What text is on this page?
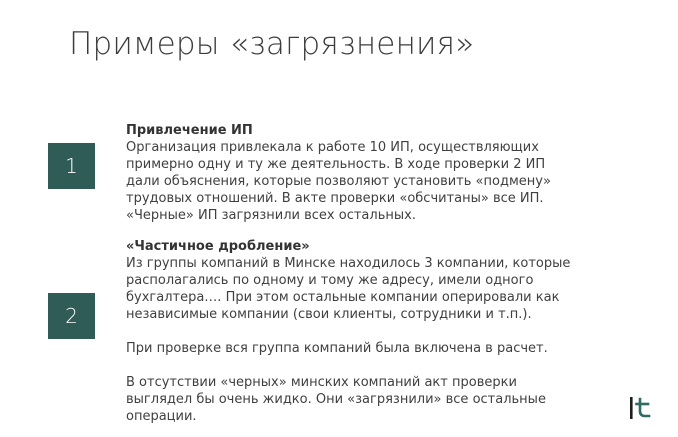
Примеры «загрязнения»
1
Привлечение ИП
Организация привлекала к работе 10 ИП, осуществляющих
примерно одну и ту же деятельность. В ходе проверки 2 ИП
дали объяснения, которые позволяют установить «подмену»
трудовых отношений. В акте проверки «обсчитаны» все ИП.
«Черные» ИП загрязнили всех остальных.
2
«Частичное дробление»
Из группы компаний в Минске находилось 3 компании, которые
располагались по одному и тому же адресу, имели одного
бухгалтера…. При этом остальные компании оперировали как
независимые компании (свои клиенты, сотрудники и т.п.).
При проверке вся группа компаний была включена в расчет.
В отсутствии «черных» минских компаний акт проверки
выглядел бы очень жидко. Они «загрязнили» все остальные
операции.
